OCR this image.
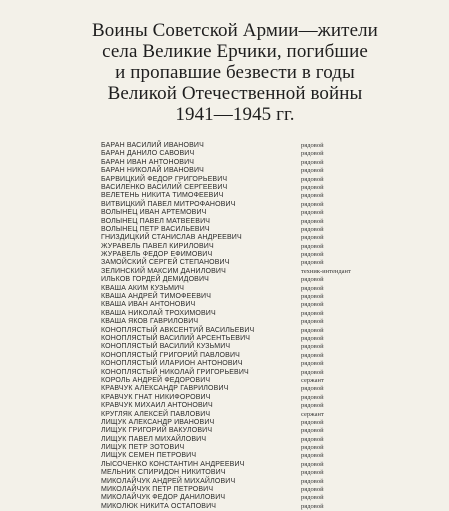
Воины Советской Армии—жители
села Великие Ерчики, погибшие
и пропавшие безвести в годы
Великой Отечественной войны
1941—1945 гг.
БАРАН ВАСИЛИЙ ИВАНОВИЧ	рядовой
БАРАН ДАНИЛО САВОВИЧ	рядовой
БАРАН ИВАН АНТОНОВИЧ	рядовой
БАРАН НИКОЛАЙ ИВАНОВИЧ	рядовой
БАРВИЦКИЙ ФЕДОР ГРИГОРЬЕВИЧ	рядовой
ВАСИЛЕНКО ВАСИЛИЙ СЕРГЕЕВИЧ	рядовой
ВЕЛЕТЕНЬ НИКИТА ТИМОФЕЕВИЧ	рядовой
ВИТВИЦКИЙ ПАВЕЛ МИТРОФАНОВИЧ	рядовой
ВОЛЫНЕЦ ИВАН АРТЕМОВИЧ	рядовой
ВОЛЫНЕЦ ПАВЕЛ МАТВЕЕВИЧ	рядовой
ВОЛЫНЕЦ ПЕТР ВАСИЛЬЕВИЧ	рядовой
ГНИЗДИЦКИЙ СТАНИСЛАВ АНДРЕЕВИЧ	рядовой
ЖУРАВЕЛЬ ПАВЕЛ КИРИЛОВИЧ	рядовой
ЖУРАВЕЛЬ ФЕДОР ЕФИМОВИЧ	рядовой
ЗАМОЙСКИЙ СЕРГЕЙ СТЕПАНОВИЧ	рядовой
ЗЕЛИНСКИЙ МАКСИМ ДАНИЛОВИЧ	техник-интендант
ИЛЬКОВ ГОРДЕЙ ДЕМИДОВИЧ	рядовой
КВАША АКИМ КУЗЬМИЧ	рядовой
КВАША АНДРЕЙ ТИМОФЕЕВИЧ	рядовой
КВАША ИВАН АНТОНОВИЧ	рядовой
КВАША НИКОЛАЙ ТРОХИМОВИЧ	рядовой
КВАША ЯКОВ ГАВРИЛОВИЧ	рядовой
КОНОПЛЯСТЫЙ АВКСЕНТИЙ ВАСИЛЬЕВИЧ	рядовой
КОНОПЛЯСТЫЙ ВАСИЛИЙ АРСЕНТЬЕВИЧ	рядовой
КОНОПЛЯСТЫЙ ВАСИЛИЙ КУЗЬМИЧ	рядовой
КОНОПЛЯСТЫЙ ГРИГОРИЙ ПАВЛОВИЧ	рядовой
КОНОПЛЯСТЫЙ ИЛАРИОН АНТОНОВИЧ	рядовой
КОНОПЛЯСТЫЙ НИКОЛАЙ ГРИГОРЬЕВИЧ	рядовой
КОРОЛЬ АНДРЕЙ ФЕДОРОВИЧ	сержант
КРАВЧУК АЛЕКСАНДР ГАВРИЛОВИЧ	рядовой
КРАВЧУК ГНАТ НИКИФОРОВИЧ	рядовой
КРАВЧУК МИХАИЛ АНТОНОВИЧ	рядовой
КРУГЛЯК АЛЕКСЕЙ ПАВЛОВИЧ	сержант
ЛИЩУК АЛЕКСАНДР ИВАНОВИЧ	рядовой
ЛИЩУК ГРИГОРИЙ ВАКУЛОВИЧ	рядовой
ЛИЩУК ПАВЕЛ МИХАЙЛОВИЧ	рядовой
ЛИЩУК ПЕТР ЗОТОВИЧ	рядовой
ЛИЩУК СЕМЕН ПЕТРОВИЧ	рядовой
ЛЫСОЧЕНКО КОНСТАНТИН АНДРЕЕВИЧ	рядовой
МЕЛЬНИК СПИРИДОН НИКИТОВИЧ	рядовой
МИКОЛАЙЧУК АНДРЕЙ МИХАЙЛОВИЧ	рядовой
МИКОЛАЙЧУК ПЕТР ПЕТРОВИЧ	рядовой
МИКОЛАЙЧУК ФЕДОР ДАНИЛОВИЧ	рядовой
МИКОЛЮК НИКИТА ОСТАПОВИЧ	рядовой
